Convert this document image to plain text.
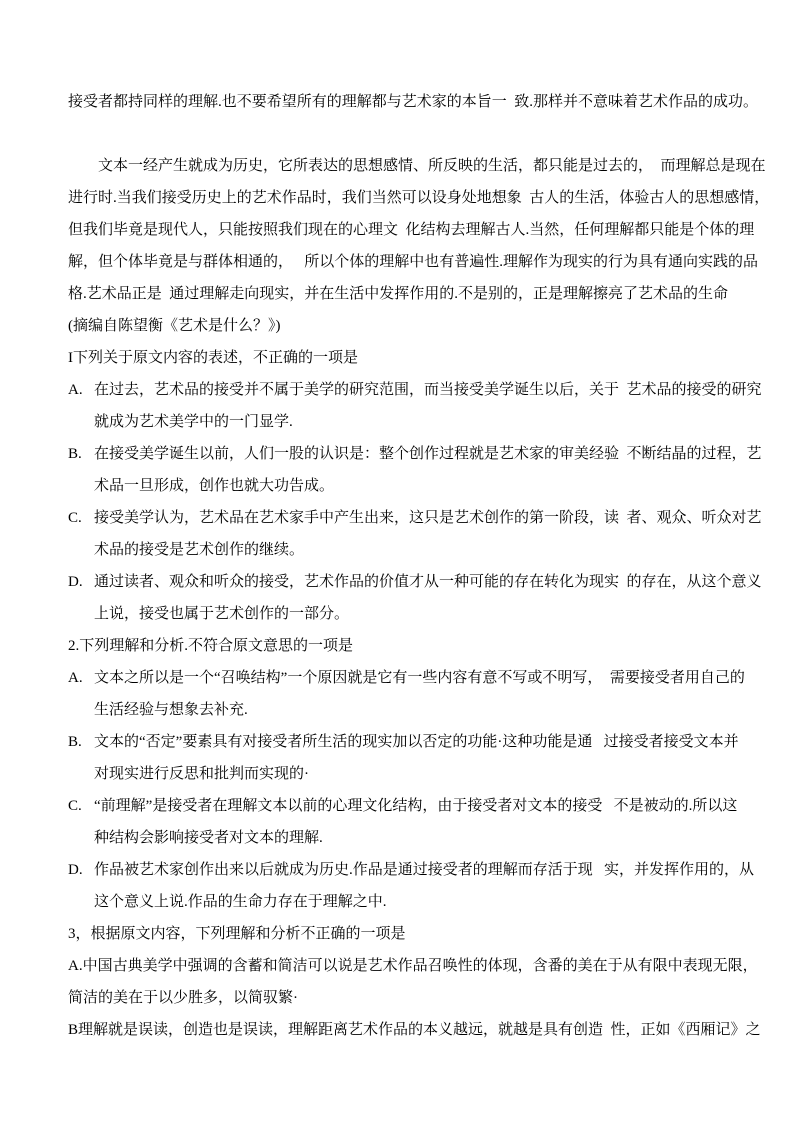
接受者都持同样的理解.也不要希望所有的理解都与艺术家的本旨一  致.那样并不意味着艺术作品的成功。
文本一经产生就成为历史，它所表达的思想感情、所反映的生活，都只能是过去的，  而理解总是现在
进行时.当我们接受历史上的艺术作品时，我们当然可以设身处地想象  古人的生活，体验古人的思想感情，
但我们毕竟是现代人，只能按照我们现在的心理文  化结构去理解古人.当然，任何理解都只能是个体的理
解，但个体毕竟是与群体相通的，   所以个体的理解中也有普遍性.理解作为现实的行为具有通向实践的品
格.艺术品正是  通过理解走向现实，并在生活中发挥作用的.不是别的，正是理解擦亮了艺术品的生命
(摘编自陈望衡《艺术是什么？》)
I下列关于原文内容的表述，不正确的一项是
A. 在过去，艺术品的接受并不属于美学的研究范围，而当接受美学诞生以后，关于  艺术品的接受的研究
就成为艺术美学中的一门显学.
B. 在接受美学诞生以前，人们一股的认识是：整个创作过程就是艺术家的审美经验  不断结晶的过程，艺
术品一旦形成，创作也就大功告成。
C. 接受美学认为，艺术品在艺术家手中产生出来，这只是艺术创作的第一阶段，读  者、观众、听众对艺
术品的接受是艺术创作的继续。
D. 通过读者、观众和听众的接受，艺术作品的价值才从一种可能的存在转化为现实  的存在，从这个意义
上说，接受也属于艺术创作的一部分。
2.下列理解和分析.不符合原文意思的一项是
A. 文本之所以是一个“召唤结构”一个原因就是它有一些内容有意不写或不明写，  需要接受者用自己的
生活经验与想象去补充.
B. 文本的“否定”要素具有对接受者所生活的现实加以否定的功能·这种功能是通   过接受者接受文本并
对现实进行反思和批判而实现的·
C. “前理解”是接受者在理解文本以前的心理文化结构，由于接受者对文本的接受   不是被动的.所以这
种结构会影响接受者对文本的理解.
D. 作品被艺术家创作出来以后就成为历史.作品是通过接受者的理解而存活于现   实，并发挥作用的，从
这个意义上说.作品的生命力存在于理解之中.
3，根据原文内容，下列理解和分析不正确的一项是
A.中国古典美学中强调的含蓄和简洁可以说是艺术作品召唤性的体现，含番的美在于从有限中表现无限，
简洁的美在于以少胜多，以简驭繁·
B理解就是误读，创造也是误读，理解距离艺术作品的本义越远，就越是具有创造  性，正如《西厢记》之
